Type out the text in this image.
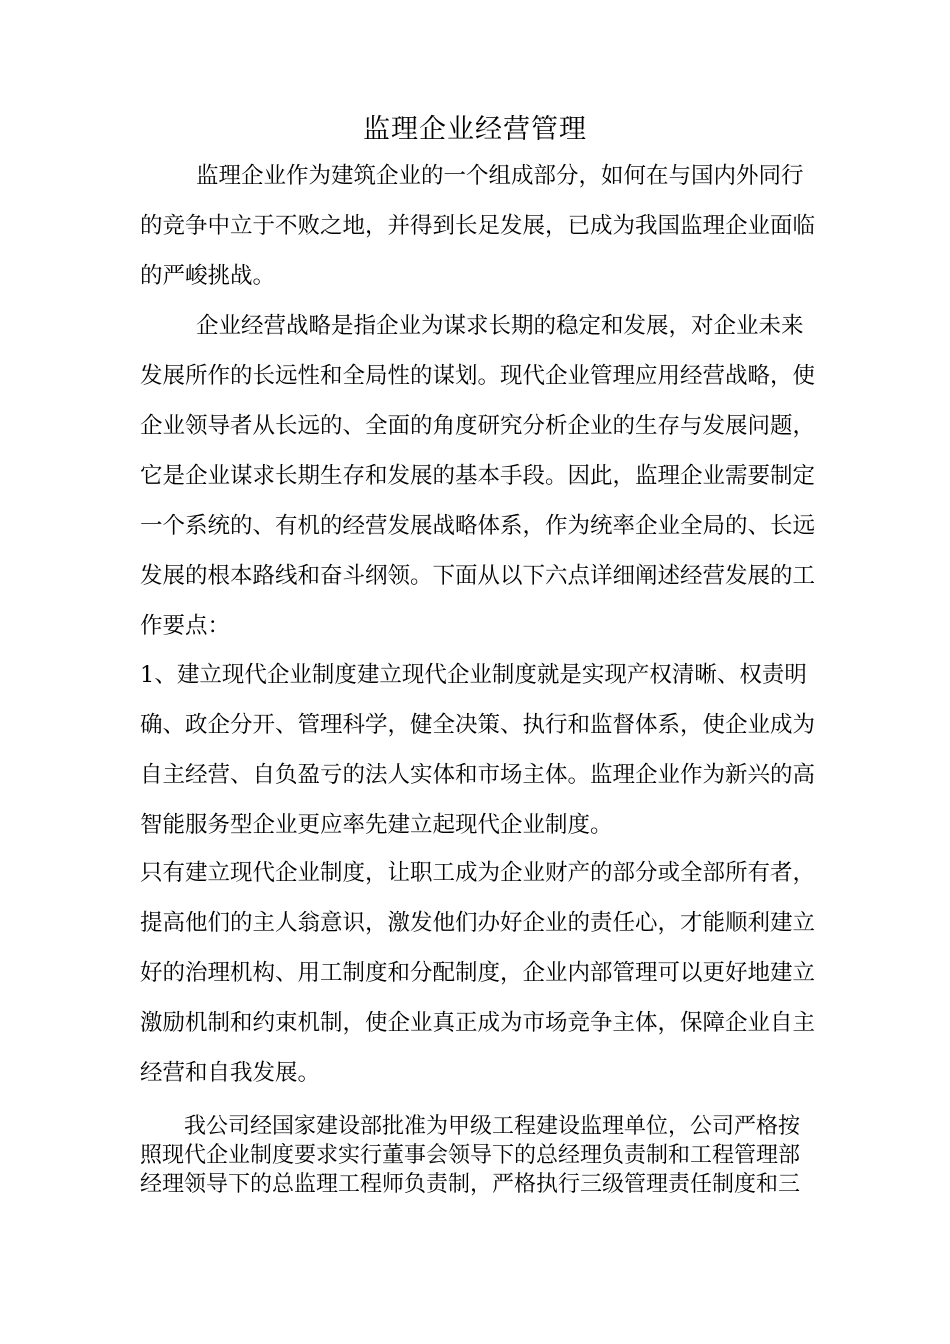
监理企业经营管理
监理企业作为建筑企业的一个组成部分，如何在与国内外同行
的竞争中立于不败之地，并得到长足发展，已成为我国监理企业面临
的严峻挑战。
企业经营战略是指企业为谋求长期的稳定和发展，对企业未来
发展所作的长远性和全局性的谋划。现代企业管理应用经营战略，使
企业领导者从长远的、全面的角度研究分析企业的生存与发展问题，
它是企业谋求长期生存和发展的基本手段。因此，监理企业需要制定
一个系统的、有机的经营发展战略体系，作为统率企业全局的、长远
发展的根本路线和奋斗纲领。下面从以下六点详细阐述经营发展的工
作要点：
1、建立现代企业制度建立现代企业制度就是实现产权清晰、权责明
确、政企分开、管理科学，健全决策、执行和监督体系，使企业成为
自主经营、自负盈亏的法人实体和市场主体。监理企业作为新兴的高
智能服务型企业更应率先建立起现代企业制度。
只有建立现代企业制度，让职工成为企业财产的部分或全部所有者，
提高他们的主人翁意识，激发他们办好企业的责任心，才能顺利建立
好的治理机构、用工制度和分配制度，企业内部管理可以更好地建立
激励机制和约束机制，使企业真正成为市场竞争主体，保障企业自主
经营和自我发展。
我公司经国家建设部批准为甲级工程建设监理单位，公司严格按
照现代企业制度要求实行董事会领导下的总经理负责制和工程管理部
经理领导下的总监理工程师负责制，严格执行三级管理责任制度和三
